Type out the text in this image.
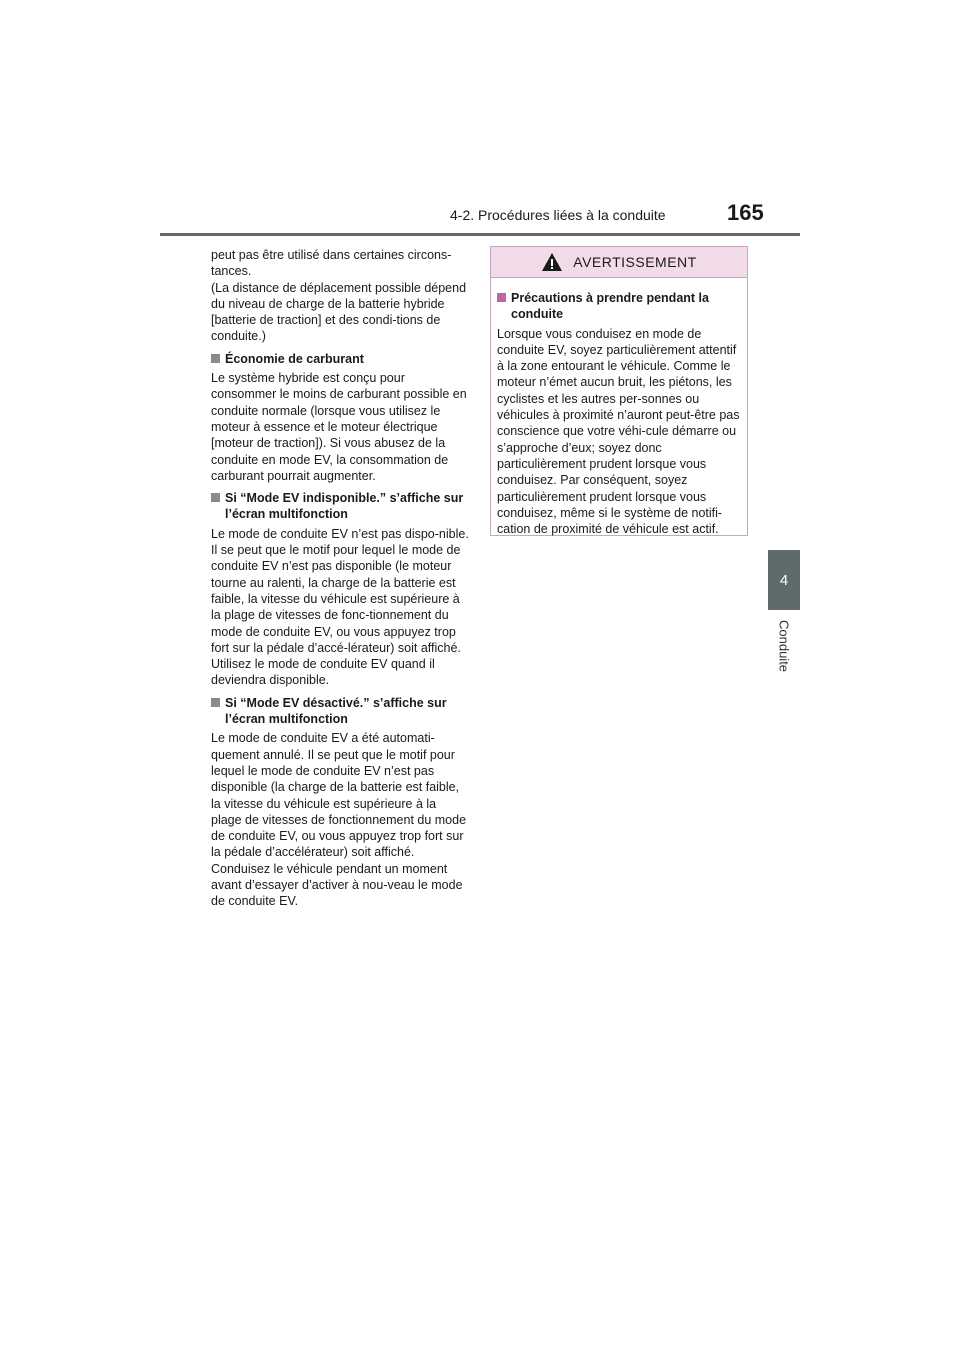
4-2. Procédures liées à la conduite	165
4
Conduite

peut pas être utilisé dans certaines circons-tances.
(La distance de déplacement possible dépend du niveau de charge de la batterie hybride [batterie de traction] et des condi-tions de conduite.)

Économie de carburant

Le système hybride est conçu pour consommer le moins de carburant possible en conduite normale (lorsque vous utilisez le moteur à essence et le moteur électrique [moteur de traction]). Si vous abusez de la conduite en mode EV, la consommation de carburant pourrait augmenter.

Si “Mode EV indisponible.” s’affiche sur l’écran multifonction

Le mode de conduite EV n’est pas dispo-nible. Il se peut que le motif pour lequel le mode de conduite EV n’est pas disponible (le moteur tourne au ralenti, la charge de la batterie est faible, la vitesse du véhicule est supérieure à la plage de vitesses de fonc-tionnement du mode de conduite EV, ou vous appuyez trop fort sur la pédale d’accé-lérateur) soit affiché. Utilisez le mode de conduite EV quand il deviendra disponible.

Si “Mode EV désactivé.” s’affiche sur l’écran multifonction

Le mode de conduite EV a été automati-quement annulé. Il se peut que le motif pour lequel le mode de conduite EV n’est pas disponible (la charge de la batterie est faible, la vitesse du véhicule est supérieure à la plage de vitesses de fonctionnement du mode de conduite EV, ou vous appuyez trop fort sur la pédale d’accélérateur) soit affiché. Conduisez le véhicule pendant un moment avant d’essayer d’activer à nou-veau le mode de conduite EV.

AVERTISSEMENT
Précautions à prendre pendant la conduite

Lorsque vous conduisez en mode de conduite EV, soyez particulièrement attentif à la zone entourant le véhicule. Comme le moteur n’émet aucun bruit, les piétons, les cyclistes et les autres per-sonnes ou véhicules à proximité n’auront peut-être pas conscience que votre véhi-cule démarre ou s’approche d’eux; soyez donc particulièrement prudent lorsque vous conduisez. Par conséquent, soyez particulièrement prudent lorsque vous conduisez, même si le système de notifi-cation de proximité de véhicule est actif.
